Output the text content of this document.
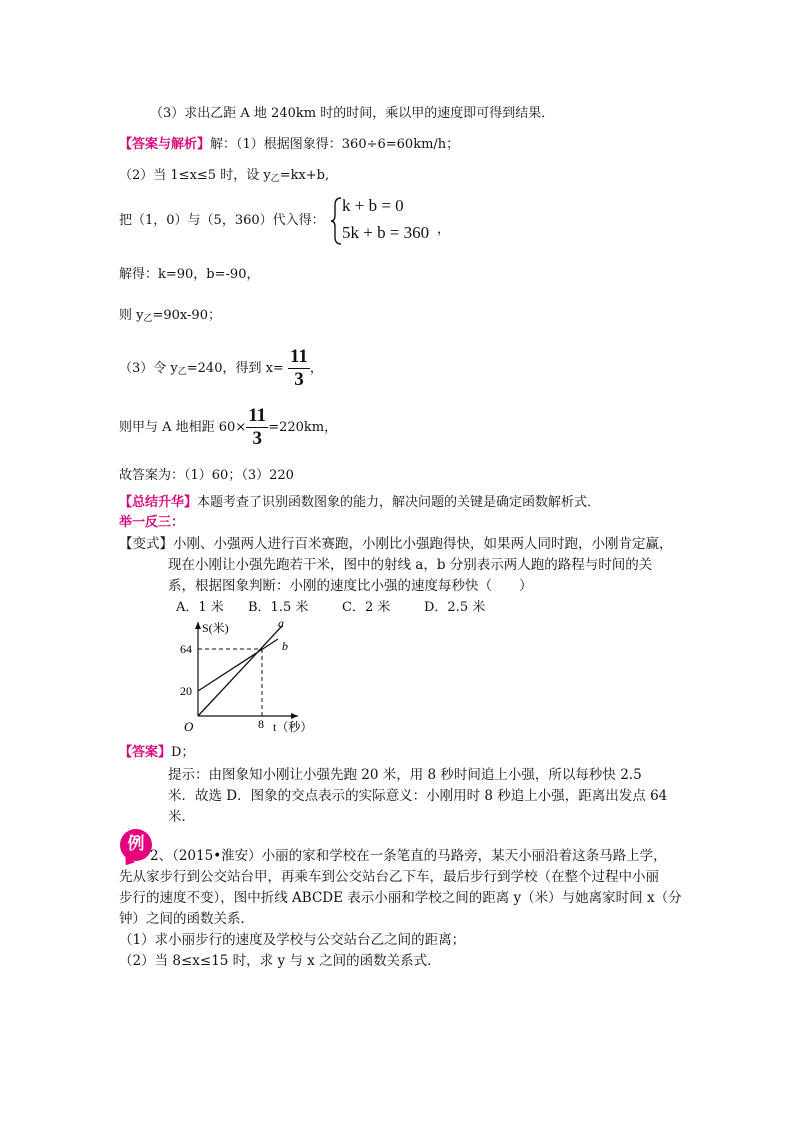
（3）求出乙距 A 地 240km 时的时间，乘以甲的速度即可得到结果．
【答案与解析】解：（1）根据图象得：360÷6=60km/h；
（2）当 1≤x≤5 时，设 $y_乙=kx+b$,
把（1，0）与（5，360）代入得：
k + b = 0
5k + b = 360 ，
解得：k=90，b=-90，
则 $y_乙=90x-90$；
（3）令 $y_乙=240$，得到 $x= \frac{11}{3}$ ，
则甲与 A 地相距 $60\times \frac{11}{3} =220km$，
故答案为：（1）60；（3）220
【总结升华】本题考查了识别函数图象的能力，解决问题的关键是确定函数解析式．
举一反三：
【变式】小刚、小强两人进行百米赛跑，小刚比小强跑得快，如果两人同时跑，小刚肯定赢，
现在小刚让小强先跑若干米，图中的射线 a，b 分别表示两人跑的路程与时间的关
系，根据图象判断：小刚的速度比小强的速度每秒快（　　）
A．1 米 B．1.5 米	C．2 米	D．2.5 米
S(米)
64
20
8
O	t（秒）
a
b
【答案】D；
提示：由图象知小刚让小强先跑 20 米，用 8 秒时间追上小强，所以每秒快 2.5
米．故选 D．图象的交点表示的实际意义：小刚用时 8 秒追上小强，距离出发点 64
米．
例
2、（2015•淮安）小丽的家和学校在一条笔直的马路旁，某天小丽沿着这条马路上学，
先从家步行到公交站台甲，再乘车到公交站台乙下车，最后步行到学校（在整个过程中小丽
步行的速度不变），图中折线 ABCDE 表示小丽和学校之间的距离 y（米）与她离家时间 x（分
钟）之间的函数关系．
（1）求小丽步行的速度及学校与公交站台乙之间的距离；
（2）当 8≤x≤15 时，求 y 与 x 之间的函数关系式．
